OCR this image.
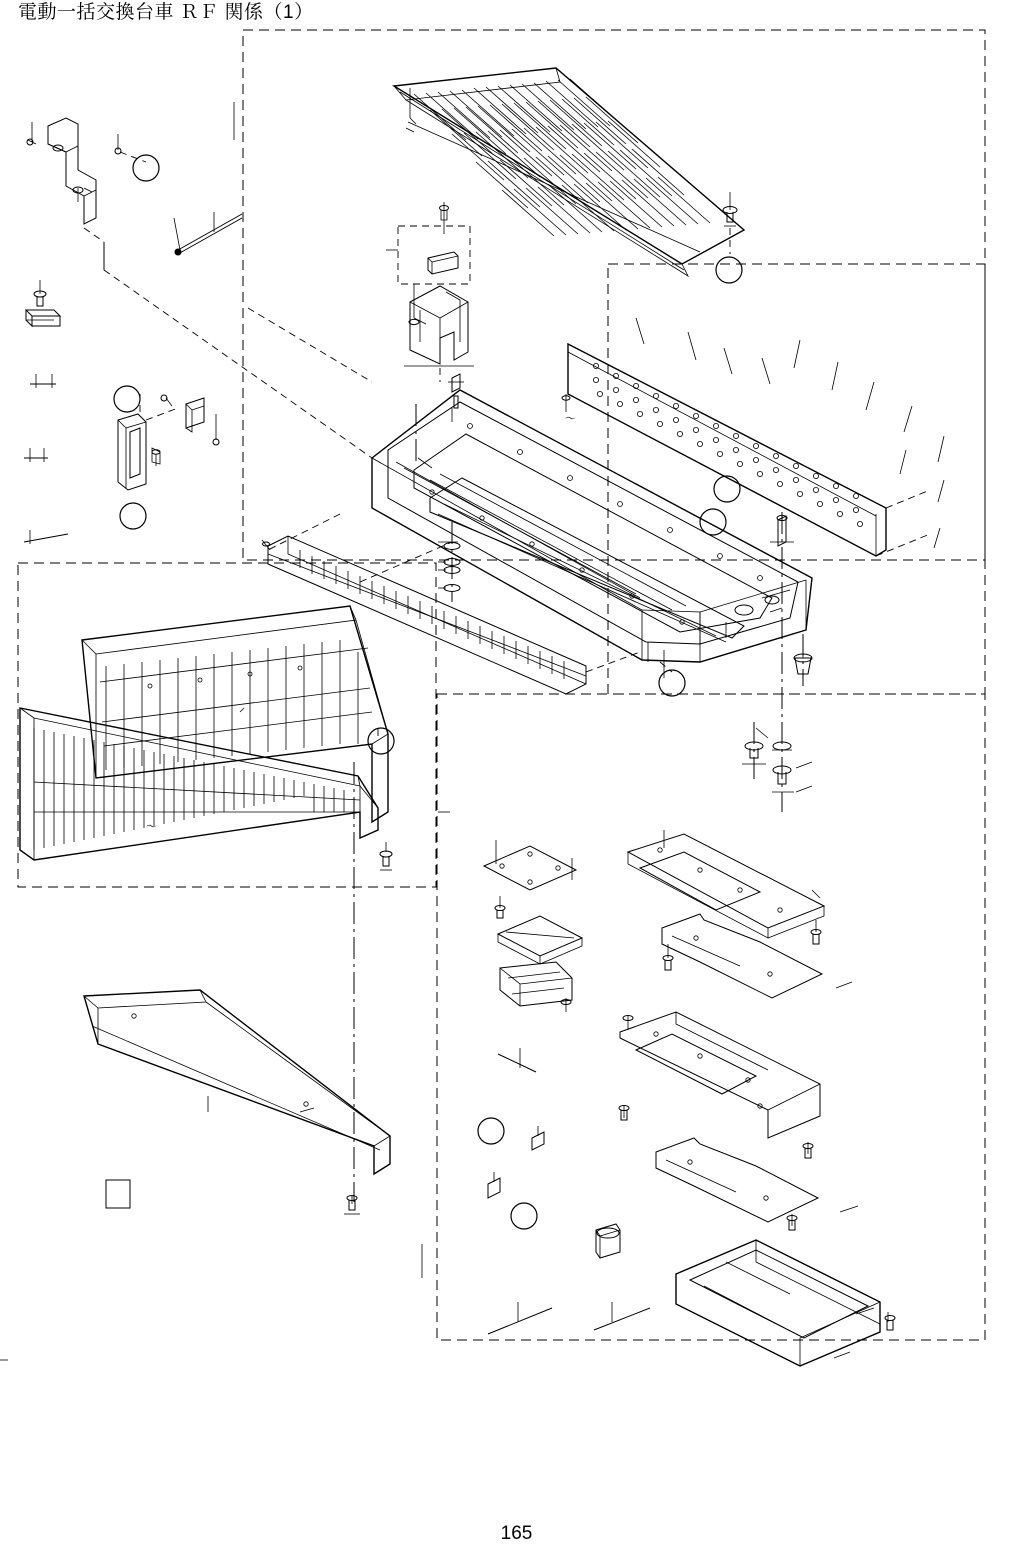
電動一括交換台車 ＲＦ 関係（1）
～
～
165
